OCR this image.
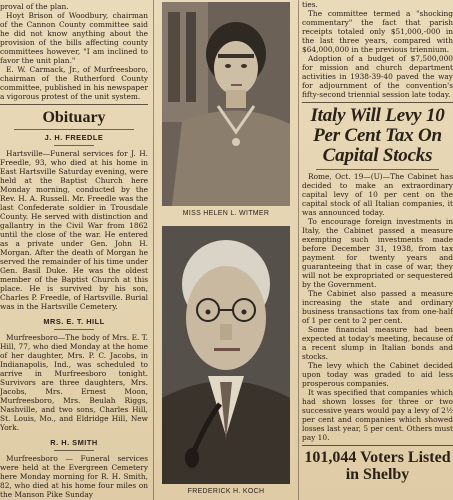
proval of the plan.

Hoyt Brison of Woodbury, chairman of the Cannon County committee said he did not know anything about the provision of the bills affecting county committees however, "I am inclined to favor the unit plan."

E. W. Carmack, Jr., of Murfreesboro, chairman of the Rutherford County committee, published in his newspaper a vigorous protest of the unit system.

Obituary
J. H. FREEDLE

Hartsville—Funeral services for J. H. Freedle, 93, who died at his home in East Hartsville Saturday evening, were held at the Baptist Church here Monday morning, conducted by the Rev. H. A. Russell. Mr. Freedle was the last Confederate soldier in Trousdale County. He served with distinction and gallantry in the Civil War from 1862 until the close of the war. He entered as a private under Gen. John H. Morgan. After the death of Morgan he served the remainder of his time under Gen. Basil Duke. He was the oldest member of the Baptist Church at this place. He is survived by his son, Charles P. Freedle, of Hartsville. Burial was in the Hartsville Cemetery.

MRS. E. T. HILL

Murfreesboro—The body of Mrs. E. T. Hill, 77, who died Monday at the home of her daughter, Mrs. P. C. Jacobs, in Indianapolis, Ind., was scheduled to arrive in Murfreesboro tonight. Survivors are three daughters, Mrs. Jacobs, Mrs. Ernest Moon, Murfreesboro, Mrs. Beulah Riggs, Nashville, and two sons, Charles Hill, St. Louis, Mo., and Eldridge Hill, New York.

R. H. SMITH

Murfreesboro — Funeral services were held at the Evergreen Cemetery here Monday morning for R. H. Smith, 82, who died at his home four miles on the Manson Pike Sunday

MISS HELEN L. WITMER
FREDERICK H. KOCH

ties.

The committee termed a "shocking commentary" the fact that parish receipts totaled only $51,000,-000 in the last three years, compared with $64,000,000 in the previous triennium.

Adoption of a budget of $7,500,000 for mission and church department activities in 1938-39-40 paved the way for adjournment of the convention's fifty-second triennial session late today.

Italy Will Levy 10 Per Cent Tax On Capital Stocks

Rome, Oct. 19—(U)—The Cabinet has decided to make an extraordinary capital levy of 10 per cent on the capital stock of all Italian companies, it was announced today.

To encourage foreign investments in Italy, the Cabinet passed a measure exempting such investments made before December 31, 1938, from tax payment for twenty years and guaranteeing that in case of war, they will not be expropriated or sequestered by the Government.

The Cabinet also passed a measure increasing the state and ordinary business transactions tax from one-half of 1 per cent to 2 per cent.

Some financial measure had been expected at today's meeting, because of a recent slump in Italian bonds and stocks.

The levy which the Cabinet decided upon today was graded to aid less prosperous companies.

It was specified that companies which had shown losses for three or two successive years would pay a levy of 2½ per cent and companies which showed losses last year, 5 per cent. Others must pay 10.

101,044 Voters Listed in Shelby
